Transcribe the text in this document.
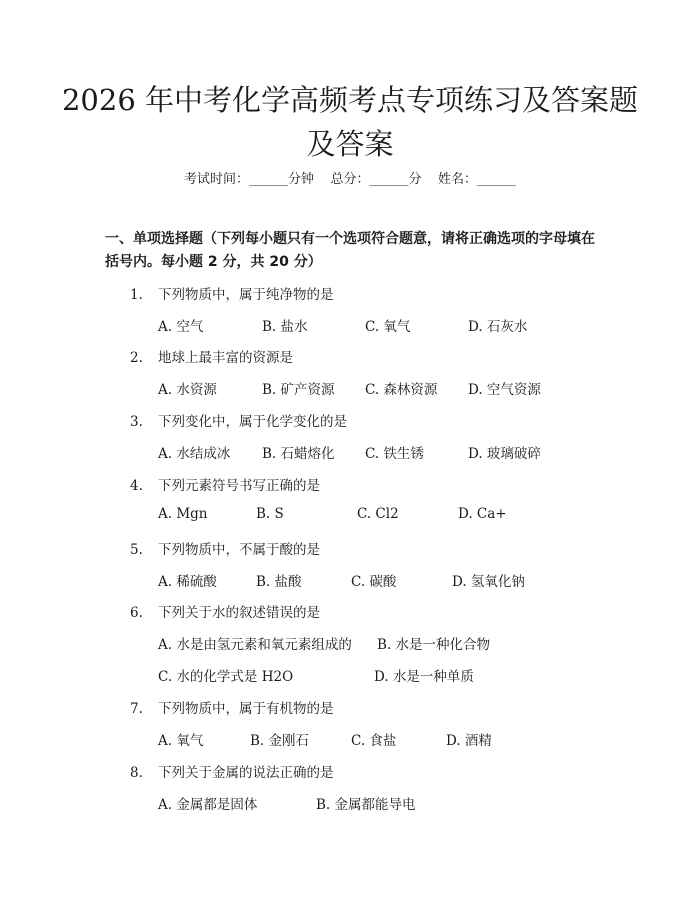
2026 年中考化学高频考点专项练习及答案题
及答案
考试时间：______分钟    总分：______分    姓名：______
一、单项选择题（下列每小题只有一个选项符合题意，请将正确选项的字母填在括号内。每小题 2 分，共 20 分）
1. 下列物质中，属于纯净物的是
A. 空气	B. 盐水	C. 氧气	D. 石灰水
2. 地球上最丰富的资源是
A. 水资源	B. 矿产资源 C. 森林资源 D. 空气资源
3. 下列变化中，属于化学变化的是
A. 水结成冰 B. 石蜡熔化 C. 铁生锈	D. 玻璃破碎
4. 下列元素符号书写正确的是
A. Mgn	B. S	C. Cl2	D. Ca+
5. 下列物质中，不属于酸的是
A. 稀硫酸	B. 盐酸	C. 碳酸	D. 氢氧化钠
6. 下列关于水的叙述错误的是
A. 水是由氢元素和氧元素组成的 B. 水是一种化合物
C. 水的化学式是 H2O	D. 水是一种单质
7. 下列物质中，属于有机物的是
A. 氧气	B. 金刚石	C. 食盐	D. 酒精
8. 下列关于金属的说法正确的是
A. 金属都是固体	B. 金属都能导电
